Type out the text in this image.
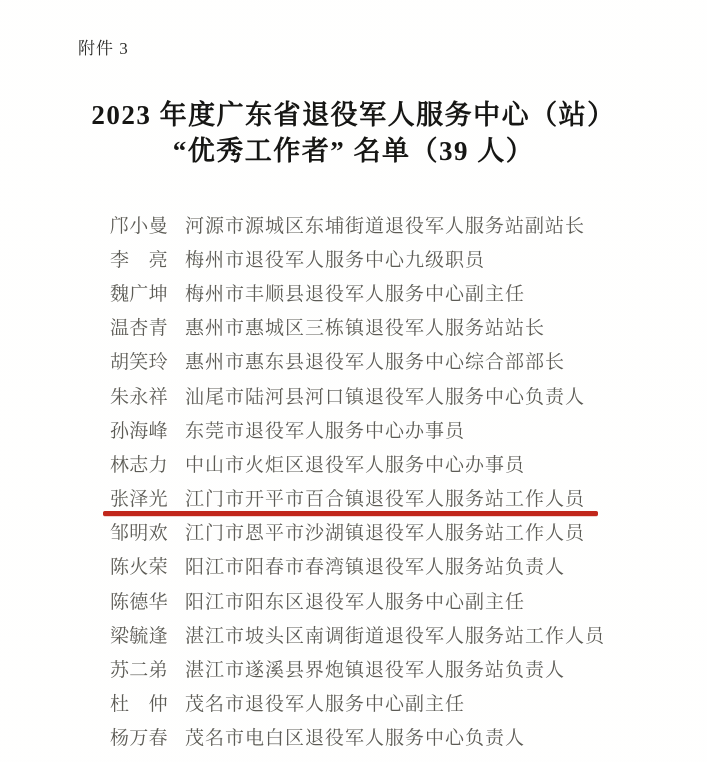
附件 3
2023 年度广东省退役军人服务中心（站）
“优秀工作者” 名单（39 人）
邝小曼 河源市源城区东埔街道退役军人服务站副站长
李　亮 梅州市退役军人服务中心九级职员
魏广坤 梅州市丰顺县退役军人服务中心副主任
温杏青 惠州市惠城区三栋镇退役军人服务站站长
胡笑玲 惠州市惠东县退役军人服务中心综合部部长
朱永祥 汕尾市陆河县河口镇退役军人服务中心负责人
孙海峰 东莞市退役军人服务中心办事员
林志力 中山市火炬区退役军人服务中心办事员
张泽光 江门市开平市百合镇退役军人服务站工作人员
邹明欢 江门市恩平市沙湖镇退役军人服务站工作人员
陈火荣 阳江市阳春市春湾镇退役军人服务站负责人
陈德华 阳江市阳东区退役军人服务中心副主任
梁毓逢 湛江市坡头区南调街道退役军人服务站工作人员
苏二弟 湛江市遂溪县界炮镇退役军人服务站负责人
杜　仲 茂名市退役军人服务中心副主任
杨万春 茂名市电白区退役军人服务中心负责人
